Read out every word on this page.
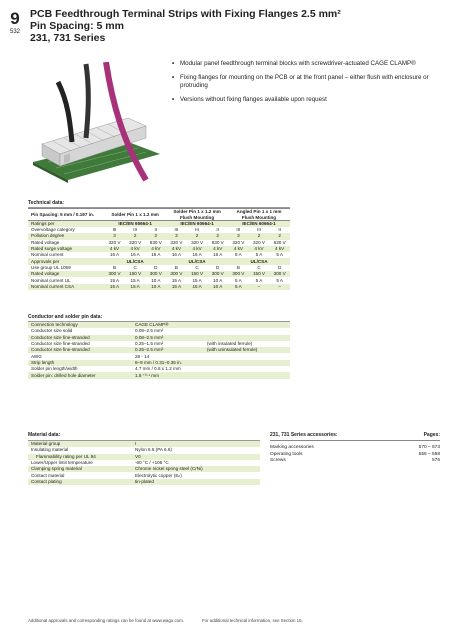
9
532
PCB Feedthrough Terminal Strips with Fixing Flanges 2.5 mm²
Pin Spacing: 5 mm
231, 731 Series
• Modular panel feedthrough terminal blocks with screwdriver-actuated CAGE CLAMP®
• Fixing flanges for mounting on the PCB or at the front panel – either flush with enclosure or protruding
• Versions without fixing flanges available upon request
Technical data:
Pin Spacing: 5 mm / 0.197 in.	Solder Pin 1 x 1.2 mm			Solder Pin 1 x 1.2 mm Flush Mounting			Angled Pin 1 x 1 mm Flush Mounting		
Ratings per	IEC/EN 60664-1			IEC/EN 60664-1			IEC/EN 60664-1		
Overvoltage category	III	III	II	III	III	II	III	III	II
Pollution degree	3	2	2	3	2	2	3	2	2
Rated voltage	320 V	320 V	630 V	320 V	320 V	630 V	320 V	320 V	630 V
Rated surge voltage	4 kV	4 kV	4 kV	4 kV	4 kV	4 kV	4 kV	4 kV	4 kV
Nominal current	16 A	16 A	16 A	16 A	16 A	16 A	5 A	5 A	5 A
Approvals per	UL/CSA			UL/CSA			UL/CSA		
Use group UL 1059	B	C	D	B	C	D	B	C	D
Rated voltage	300 V	150 V	300 V	300 V	150 V	300 V	300 V	150 V	300 V
Nominal current UL	15 A	15 A	10 A	15 A	15 A	10 A	5 A	5 A	5 A
Nominal current CSA	15 A	15 A	10 A	15 A	15 A	10 A	5 A	–	–
Conductor and solder pin data:
Connection technology	CAGE CLAMP®	
Conductor size solid	0.08–2.5 mm²	
Conductor size fine-stranded	0.08–2.5 mm²	
Conductor size fine-stranded	0.25–1.5 mm²	(with insulated ferrule)
Conductor size fine-stranded	0.25–2.5 mm²	(with uninsulated ferrule)
AWG	28 - 14	
Strip length	8–9 mm / 0.31–0.35 in.	
Solder pin length/width	4.7 mm / 0.8 x 1.2 mm	
Solder pin: drilled hole diameter	1.8 ⁺⁰·¹ mm	
Material data:
Material group	I
Insulating material	Nylon 6.6 (PA 6.6)
Flammability rating per UL 94	V0
Lower/Upper limit temperature	-60 °C / +105 °C
Clamping spring material	Chrome nickel spring steel (CrNi)
Contact material	Electrolytic copper (Eₙ)
Contact plating	tin-plated
231, 731 Series accessories:	Pages:
Marking accessories	570 – 573
Operating tools	556 – 558
Screws	576
Additional approvals and corresponding ratings can be found at www.wago.com.	For additional technical information, see Section 15.
